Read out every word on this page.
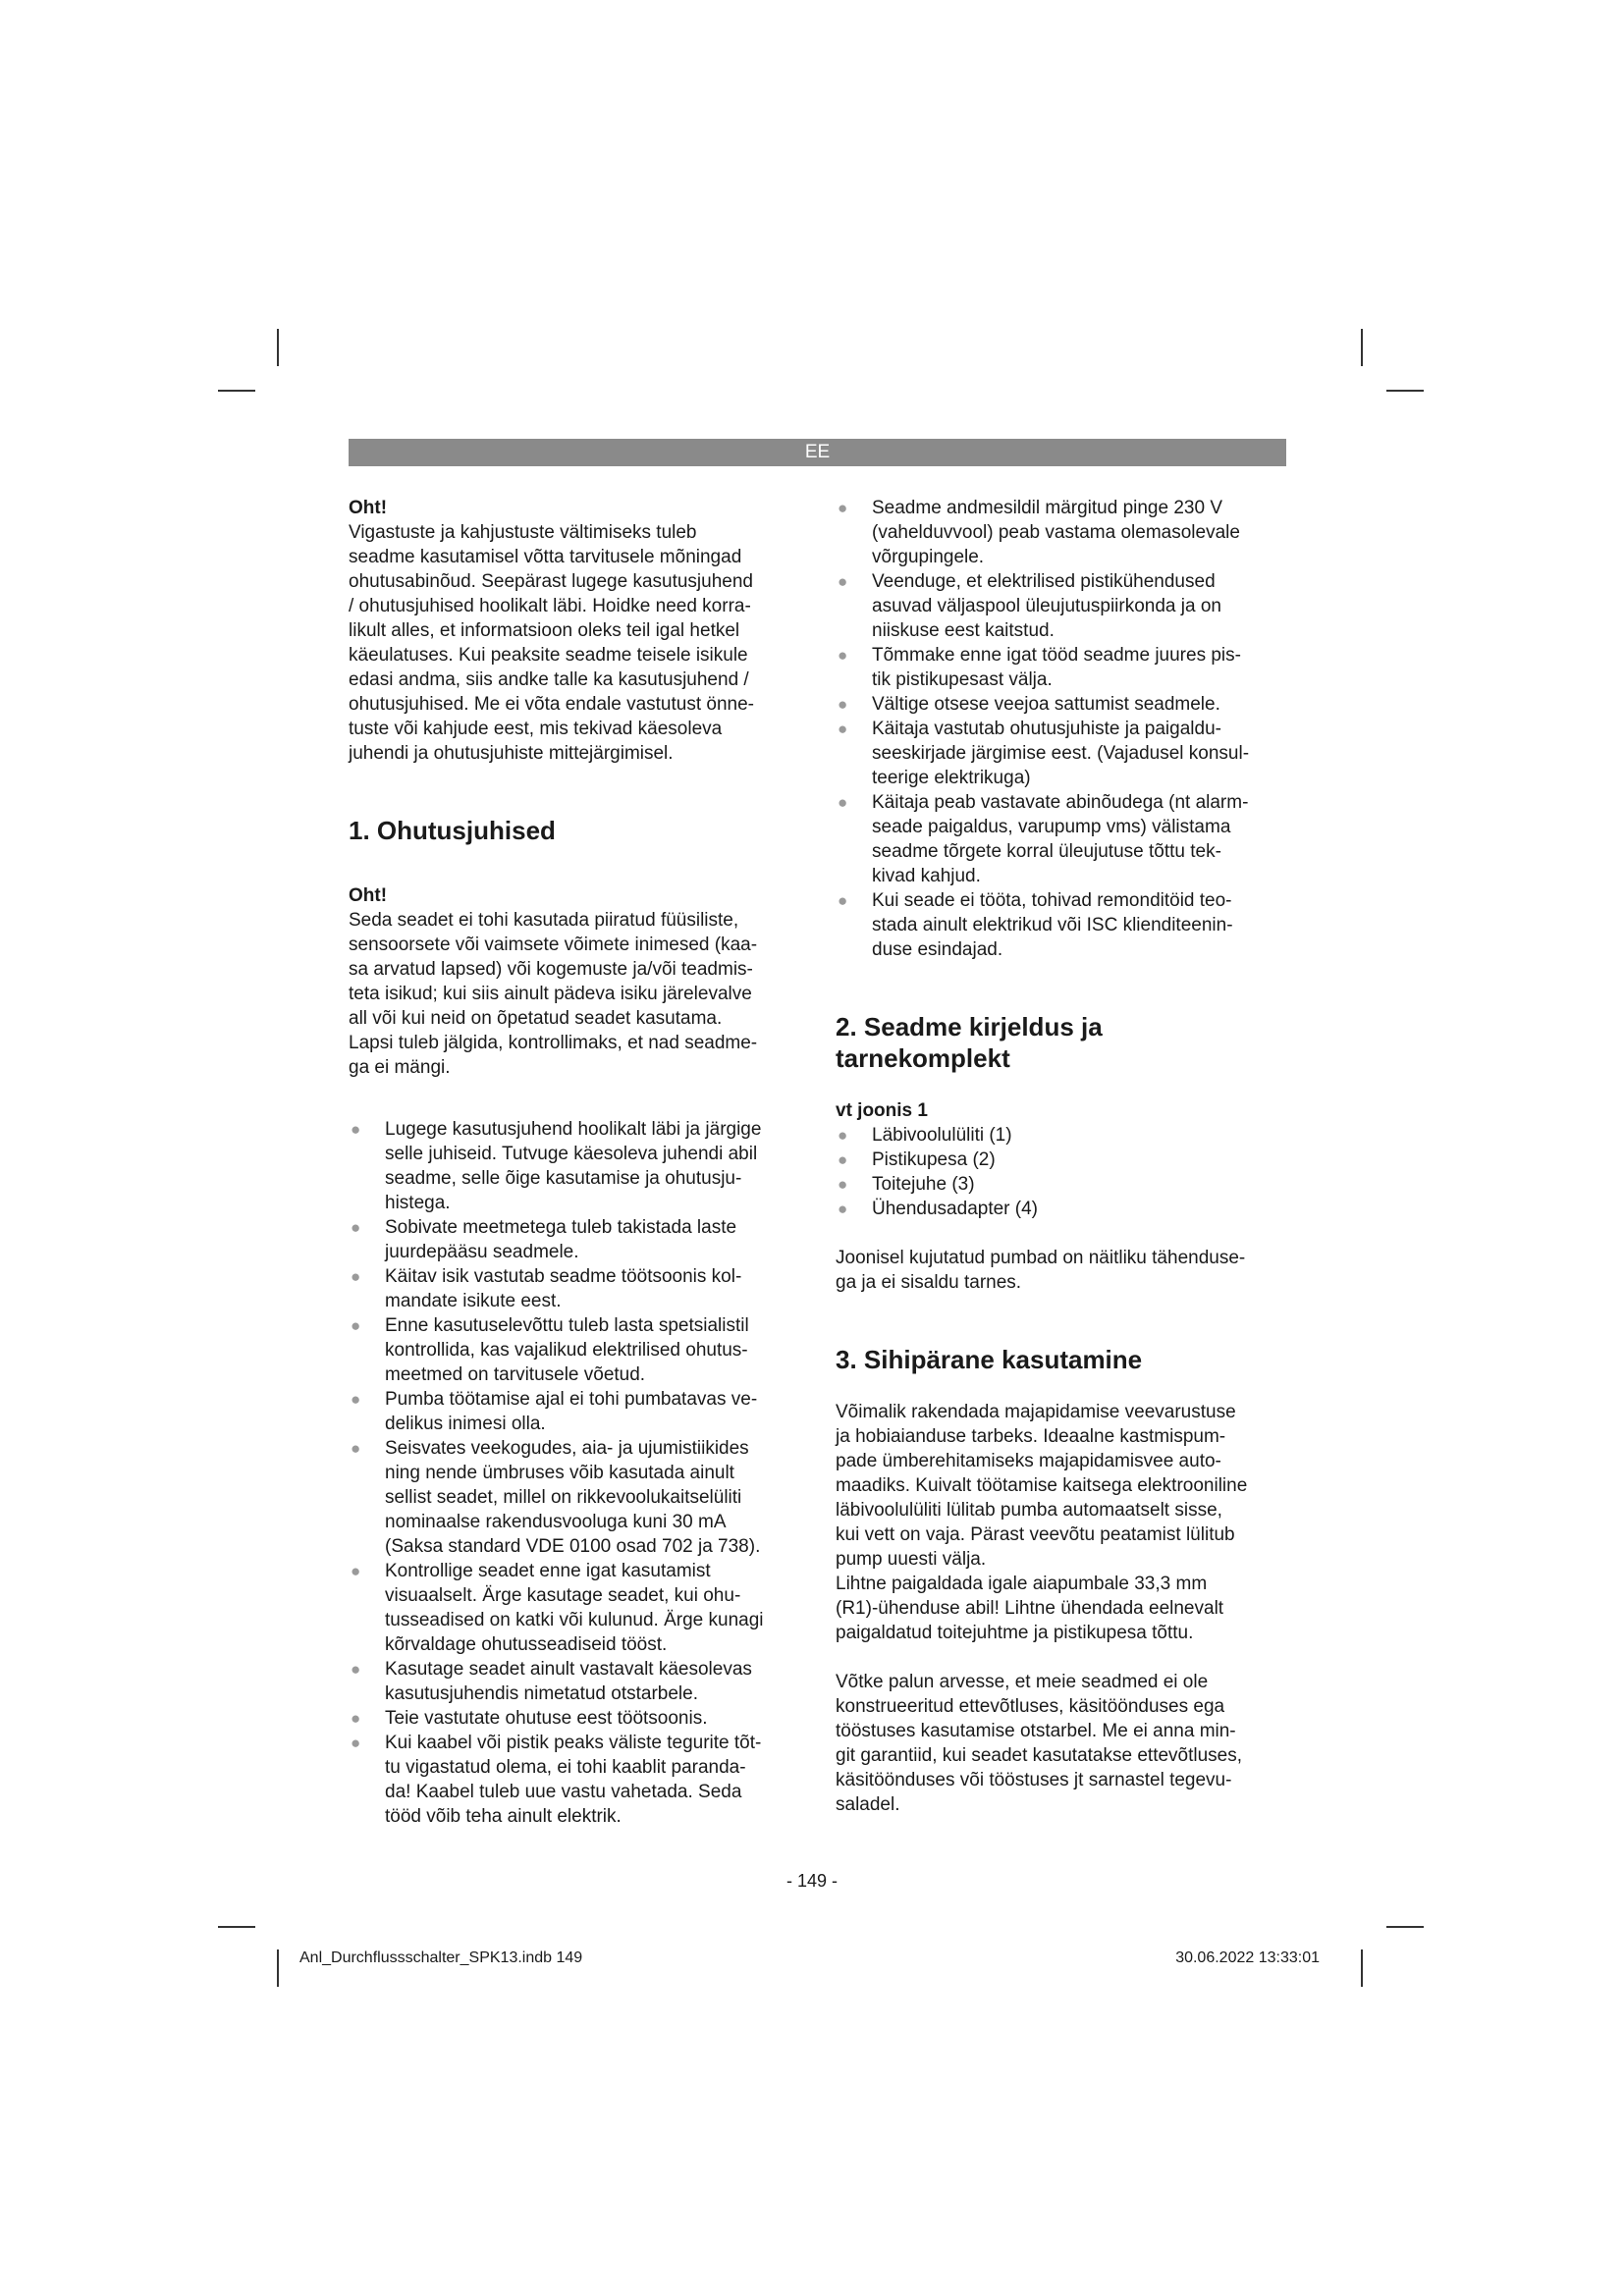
EE

Oht!

Vigastuste ja kahjustuste vältimiseks tuleb
seadme kasutamisel võtta tarvitusele mõningad
ohutusabinõud. Seepärast lugege kasutusjuhend
/ ohutusjuhised hoolikalt läbi. Hoidke need korra-
likult alles, et informatsioon oleks teil igal hetkel
käeulatuses. Kui peaksite seadme teisele isikule
edasi andma, siis andke talle ka kasutusjuhend /
ohutusjuhised. Me ei võta endale vastutust önne-
tuste või kahjude eest, mis tekivad käesoleva
juhendi ja ohutusjuhiste mittejärgimisel.

1. Ohutusjuhised

Oht!

Seda seadet ei tohi kasutada piiratud füüsiliste,
sensoorsete või vaimsete võimete inimesed (kaa-
sa arvatud lapsed) või kogemuste ja/või teadmis-
teta isikud; kui siis ainult pädeva isiku järelevalve
all või kui neid on õpetatud seadet kasutama.
Lapsi tuleb jälgida, kontrollimaks, et nad seadme-
ga ei mängi.
● Lugege kasutusjuhend hoolikalt läbi ja järgige
selle juhiseid. Tutvuge käesoleva juhendi abil
seadme, selle õige kasutamise ja ohutusju-
histega.
● Sobivate meetmetega tuleb takistada laste
juurdepääsu seadmele.
● Käitav isik vastutab seadme töötsoonis kol-
mandate isikute eest.
● Enne kasutuselevõttu tuleb lasta spetsialistil
kontrollida, kas vajalikud elektrilised ohutus-
meetmed on tarvitusele võetud.
● Pumba töötamise ajal ei tohi pumbatavas ve-
delikus inimesi olla.
● Seisvates veekogudes, aia- ja ujumistiikides
ning nende ümbruses võib kasutada ainult
sellist seadet, millel on rikkevoolukaitselüliti
nominaalse rakendusvooluga kuni 30 mA
(Saksa standard VDE 0100 osad 702 ja 738).
● Kontrollige seadet enne igat kasutamist
visuaalselt. Ärge kasutage seadet, kui ohu-
tusseadised on katki või kulunud. Ärge kunagi
kõrvaldage ohutusseadiseid tööst.
● Kasutage seadet ainult vastavalt käesolevas
kasutusjuhendis nimetatud otstarbele.
● Teie vastutate ohutuse eest töötsoonis.
● Kui kaabel või pistik peaks väliste tegurite tõt-
tu vigastatud olema, ei tohi kaablit paranda-
da! Kaabel tuleb uue vastu vahetada. Seda
tööd võib teha ainult elektrik.
● Seadme andmesildil märgitud pinge 230 V
(vahelduvvool) peab vastama olemasolevale
võrgupingele.
● Veenduge, et elektrilised pistikühendused
asuvad väljaspool üleujutuspiirkonda ja on
niiskuse eest kaitstud.
● Tõmmake enne igat tööd seadme juures pis-
tik pistikupesast välja.
● Vältige otsese veejoa sattumist seadmele.
● Käitaja vastutab ohutusjuhiste ja paigaldu-
seeskirjade järgimise eest. (Vajadusel konsul-
teerige elektrikuga)
● Käitaja peab vastavate abinõudega (nt alarm-
seade paigaldus, varupump vms) välistama
seadme tõrgete korral üleujutuse tõttu tek-
kivad kahjud.
● Kui seade ei tööta, tohivad remonditöid teo-
stada ainult elektrikud või ISC klienditeenin-
duse esindajad.
2. Seadme kirjeldus ja
tarnekomplekt

vt joonis 1

● Läbivoolulüliti (1)
● Pistikupesa (2)
● Toitejuhe (3)
● Ühendusadapter (4)
Joonisel kujutatud pumbad on näitliku tähenduse-
ga ja ei sisaldu tarnes.

3. Sihipärane kasutamine

Võimalik rakendada majapidamise veevarustuse
ja hobiaianduse tarbeks. Ideaalne kastmispum-
pade ümberehitamiseks majapidamisvee auto-
maadiks. Kuivalt töötamise kaitsega elektrooniline
läbivoolulüliti lülitab pumba automaatselt sisse,
kui vett on vaja. Pärast veevõtu peatamist lülitub
pump uuesti välja.
Lihtne paigaldada igale aiapumbale 33,3 mm
(R1)-ühenduse abil! Lihtne ühendada eelnevalt
paigaldatud toitejuhtme ja pistikupesa tõttu.
Võtke palun arvesse, et meie seadmed ei ole
konstrueeritud ettevõtluses, käsitöönduses ega
tööstuses kasutamise otstarbel. Me ei anna min-
git garantiid, kui seadet kasutatakse ettevõtluses,
käsitöönduses või tööstuses jt sarnastel tegevu-
saladel.
- 149 -
Anl_Durchflussschalter_SPK13.indb 149	30.06.2022 13:33:01
